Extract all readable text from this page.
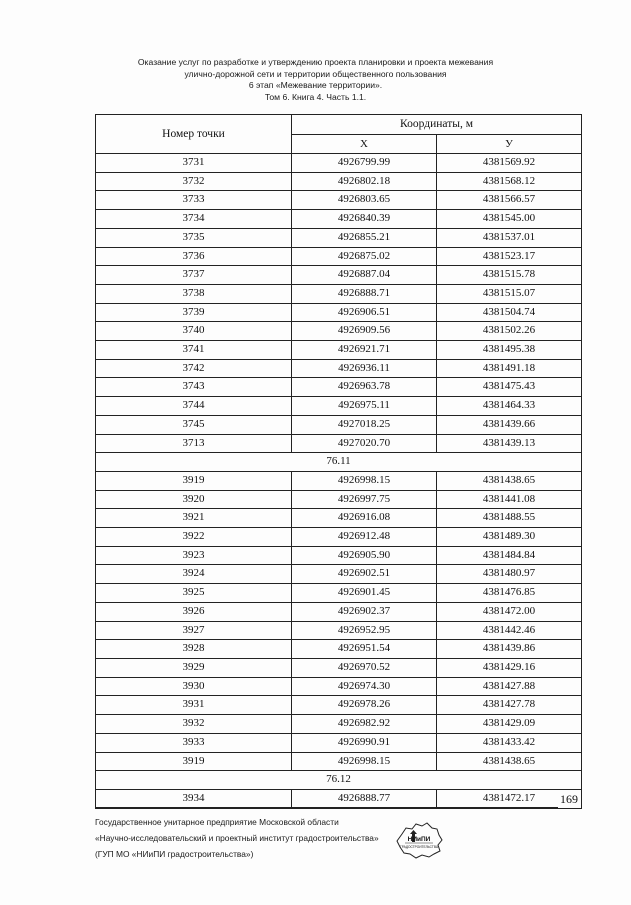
Оказание услуг по разработке и утверждению проекта планировки и проекта межевания
улично-дорожной сети и территории общественного пользования
6 этап «Межевание территории».
Том 6. Книга 4. Часть 1.1.
Номер точки	Координаты, м	
	X	У
3731	4926799.99	4381569.92
3732	4926802.18	4381568.12
3733	4926803.65	4381566.57
3734	4926840.39	4381545.00
3735	4926855.21	4381537.01
3736	4926875.02	4381523.17
3737	4926887.04	4381515.78
3738	4926888.71	4381515.07
3739	4926906.51	4381504.74
3740	4926909.56	4381502.26
3741	4926921.71	4381495.38
3742	4926936.11	4381491.18
3743	4926963.78	4381475.43
3744	4926975.11	4381464.33
3745	4927018.25	4381439.66
3713	4927020.70	4381439.13
76.11		
3919	4926998.15	4381438.65
3920	4926997.75	4381441.08
3921	4926916.08	4381488.55
3922	4926912.48	4381489.30
3923	4926905.90	4381484.84
3924	4926902.51	4381480.97
3925	4926901.45	4381476.85
3926	4926902.37	4381472.00
3927	4926952.95	4381442.46
3928	4926951.54	4381439.86
3929	4926970.52	4381429.16
3930	4926974.30	4381427.88
3931	4926978.26	4381427.78
3932	4926982.92	4381429.09
3933	4926990.91	4381433.42
3919	4926998.15	4381438.65
76.12		
3934	4926888.77	4381472.17 169
Государственное унитарное предприятие Московской области
«Научно-исследовательский и проектный институт градостроительства»
(ГУП МО «НИиПИ градостроительства»)
НИиПИ
ГРАДОСТРОИТЕЛЬСТВА
